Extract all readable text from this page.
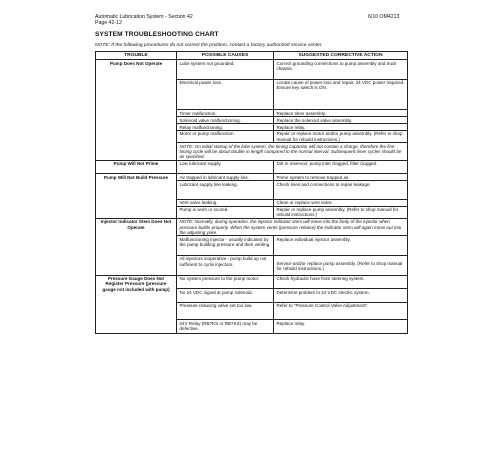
Automatic Lubrication System - Section 42
Page 42-12
6/10 OM4213
SYSTEM TROUBLESHOOTING CHART
NOTE: If the following procedures do not correct the problem, contact a factory authorized service center.
TROUBLE	POSSIBLE CAUSES	SUGGESTED CORRECTIVE ACTION
Pump Does Not Operate	Lube system not grounded.	Correct grounding connections to pump assembly and truck chassis.
	Electrical power loss.	Locate cause of power loss and repair. 24 VDC power required. Ensure key switch is ON.
	Timer malfunction.	Replace timer assembly.
	Solenoid valve malfunctioning.	Replace the solenoid valve assembly.
	Relay malfunctioning.	Replace relay.
	Motor or pump malfunction.	Repair or replace motor and/or pump assembly. (Refer to shop manual for rebuild instructions.)
	NOTE: On initial startup of the lube system, the timing capacitor will not contain a charge, therefore the first timing cycle will be about double in length compared to the normal interval. Subsequent timer cycles should be as specified.	
Pump Will Not Prime	Low lubricant supply.	Dirt in reservoir, pump inlet clogged, filter clogged.
Pump Will Not Build Pressure	Air trapped in lubricant supply line.	Prime system to remove trapped air.
	Lubricant supply line leaking.	Check lines and connections to repair leakage.
	Vent valve leaking.	Clean or replace vent valve.
	Pump is worn or scored.	Repair or replace pump assembly. (Refer to shop manual for rebuild instructions.)
Injector Indicator Stem Does Not Operate	NOTE: Normally, during operation, the injector indicator stem will move into the body of the injector when pressure builds properly. When the system vents (pressure release) the indicator stem will again move out into the adjusting yoke.	
	Malfunctioning injector - usually indicated by the pump building pressure and then venting.	Replace individual injector assembly.
	All injectors inoperative - pump build up not sufficient to cycle injectors.	Service and/or replace pump assembly. (Refer to shop manual for rebuild instructions.)
Pressure Gauge Does Not Register Pressure (pressure gauge not included with pump)	No system pressure to the pump motor.	Check hydraulic hose from steering system.
	No 24 VDC signal at pump solenoid.	Determine problem in 24 VDC electric system.
	Pressure reducing valve set too low.	Refer to “Pressure Control Valve Adjustment”.
	24V Relay (RB7KS or RB7KS) may be defective.	Replace relay.
